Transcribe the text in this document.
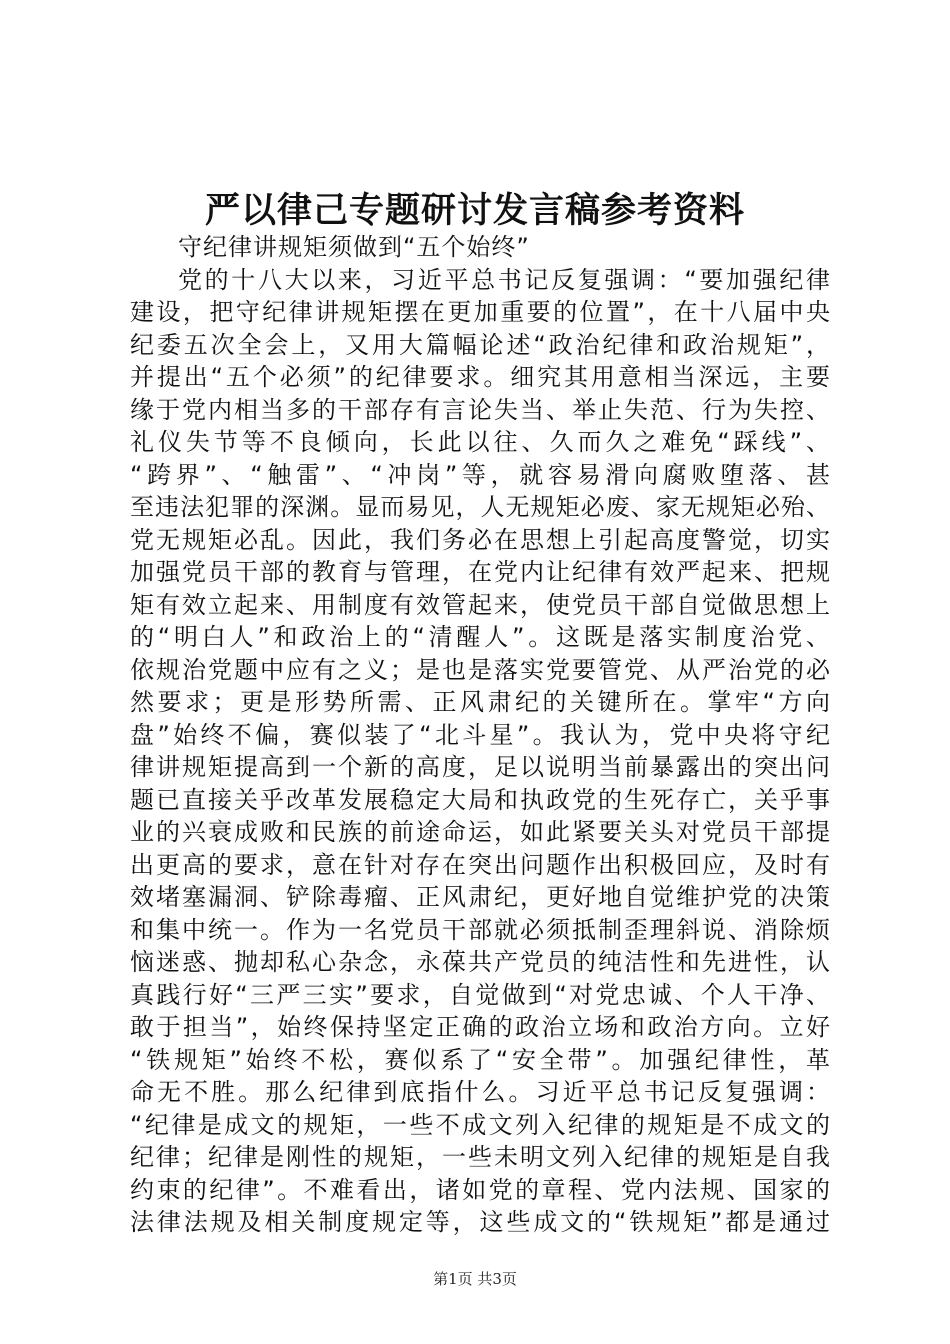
严以律己专题研讨发言稿参考资料
守纪律讲规矩须做到“五个始终”
党的十八大以来，习近平总书记反复强调：“要加强纪律
建设，把守纪律讲规矩摆在更加重要的位置”，在十八届中央
纪委五次全会上，又用大篇幅论述“政治纪律和政治规矩”，
并提出“五个必须”的纪律要求。细究其用意相当深远，主要
缘于党内相当多的干部存有言论失当、举止失范、行为失控、
礼仪失节等不良倾向，长此以往、久而久之难免“踩线”、
“跨界”、“触雷”、“冲岗”等，就容易滑向腐败堕落、甚
至违法犯罪的深渊。显而易见，人无规矩必废、家无规矩必殆、
党无规矩必乱。因此，我们务必在思想上引起高度警觉，切实
加强党员干部的教育与管理，在党内让纪律有效严起来、把规
矩有效立起来、用制度有效管起来，使党员干部自觉做思想上
的“明白人”和政治上的“清醒人”。这既是落实制度治党、
依规治党题中应有之义；是也是落实党要管党、从严治党的必
然要求；更是形势所需、正风肃纪的关键所在。掌牢“方向
盘”始终不偏，赛似装了“北斗星”。我认为，党中央将守纪
律讲规矩提高到一个新的高度，足以说明当前暴露出的突出问
题已直接关乎改革发展稳定大局和执政党的生死存亡，关乎事
业的兴衰成败和民族的前途命运，如此紧要关头对党员干部提
出更高的要求，意在针对存在突出问题作出积极回应，及时有
效堵塞漏洞、铲除毒瘤、正风肃纪，更好地自觉维护党的决策
和集中统一。作为一名党员干部就必须抵制歪理斜说、消除烦
恼迷惑、抛却私心杂念，永葆共产党员的纯洁性和先进性，认
真践行好“三严三实”要求，自觉做到“对党忠诚、个人干净、
敢于担当”，始终保持坚定正确的政治立场和政治方向。立好
“铁规矩”始终不松，赛似系了“安全带”。加强纪律性，革
命无不胜。那么纪律到底指什么。习近平总书记反复强调：
“纪律是成文的规矩，一些不成文列入纪律的规矩是不成文的
纪律；纪律是刚性的规矩，一些未明文列入纪律的规矩是自我
约束的纪律”。不难看出，诸如党的章程、党内法规、国家的
法律法规及相关制度规定等，这些成文的“铁规矩”都是通过
第1页 共3页
